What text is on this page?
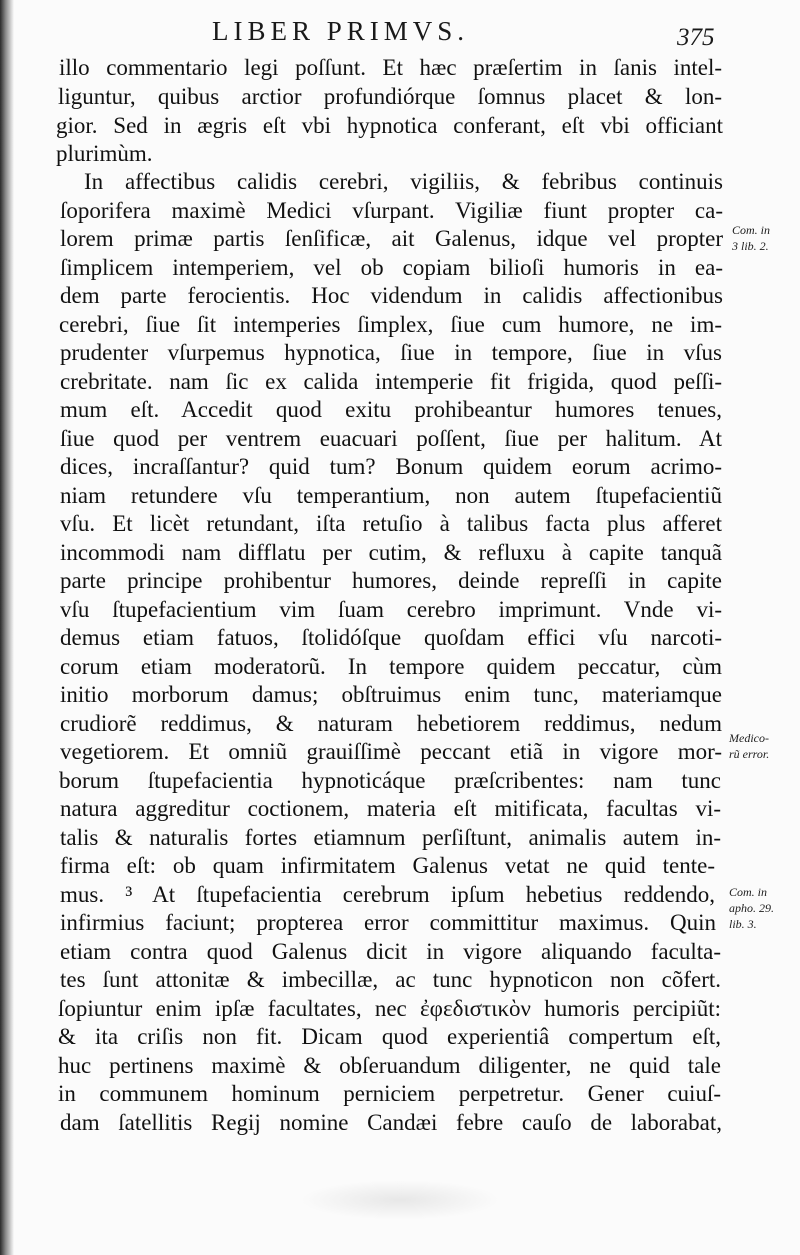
LIBER PRIMVS.	375
illo commentario legi poſſunt. Et hæc præſertim in ſanis intel-
liguntur, quibus arctior profundiórque ſomnus placet & lon-
gior. Sed in ægris eſt vbi hypnotica conferant, eſt vbi officiant
plurimùm.
In affectibus calidis cerebri, vigiliis, & febribus continuis
ſoporifera maximè Medici vſurpant. Vigiliæ fiunt propter ca-
lorem primæ partis ſenſificæ, ait Galenus, idque vel propter
ſimplicem intemperiem, vel ob copiam bilioſi humoris in ea-
dem parte ferocientis. Hoc videndum in calidis affectionibus
cerebri, ſiue ſit intemperies ſimplex, ſiue cum humore, ne im-
prudenter vſurpemus hypnotica, ſiue in tempore, ſiue in vſus
crebritate. nam ſic ex calida intemperie fit frigida, quod peſſi-
mum eſt. Accedit quod exitu prohibeantur humores tenues,
ſiue quod per ventrem euacuari poſſent, ſiue per halitum. At
dices, incraſſantur? quid tum? Bonum quidem eorum acrimo-
niam retundere vſu temperantium, non autem ſtupefacientiũ
vſu. Et licèt retundant, iſta retuſio à talibus facta plus afferet
incommodi nam difflatu per cutim, & refluxu à capite tanquã
parte principe prohibentur humores, deinde repreſſi in capite
vſu ſtupefacientium vim ſuam cerebro imprimunt. Vnde vi-
demus etiam fatuos, ſtolidóſque quoſdam effici vſu narcoti-
corum etiam moderatorũ. In tempore quidem peccatur, cùm
initio morborum damus; obſtruimus enim tunc, materiamque
crudiorẽ reddimus, & naturam hebetiorem reddimus, nedum
vegetiorem. Et omniũ grauiſſimè peccant etiã in vigore mor-
borum ſtupefacientia hypnoticáque præſcribentes: nam tunc
natura aggreditur coctionem, materia eſt mitificata, facultas vi-
talis & naturalis fortes etiamnum perſiſtunt, animalis autem in-
firma eſt: ob quam infirmitatem Galenus vetat ne quid tente-
mus. ³ At ſtupefacientia cerebrum ipſum hebetius reddendo,
infirmius faciunt; propterea error committitur maximus. Quin
etiam contra quod Galenus dicit in vigore aliquando faculta-
tes ſunt attonitæ & imbecillæ, ac tunc hypnoticon non cõfert.
ſopiuntur enim ipſæ facultates, nec ἐφεδιστικὸν humoris percipiũt:
& ita criſis non fit. Dicam quod experientiâ compertum eſt,
huc pertinens maximè & obſeruandum diligenter, ne quid tale
in communem hominum perniciem perpetretur. Gener cuiuſ-
dam ſatellitis Regij nomine Candæi febre cauſo de laborabat,
Com. in
3 lib. 2.
Medico-
rũ error.
Com. in
apho. 29.
lib. 3.
